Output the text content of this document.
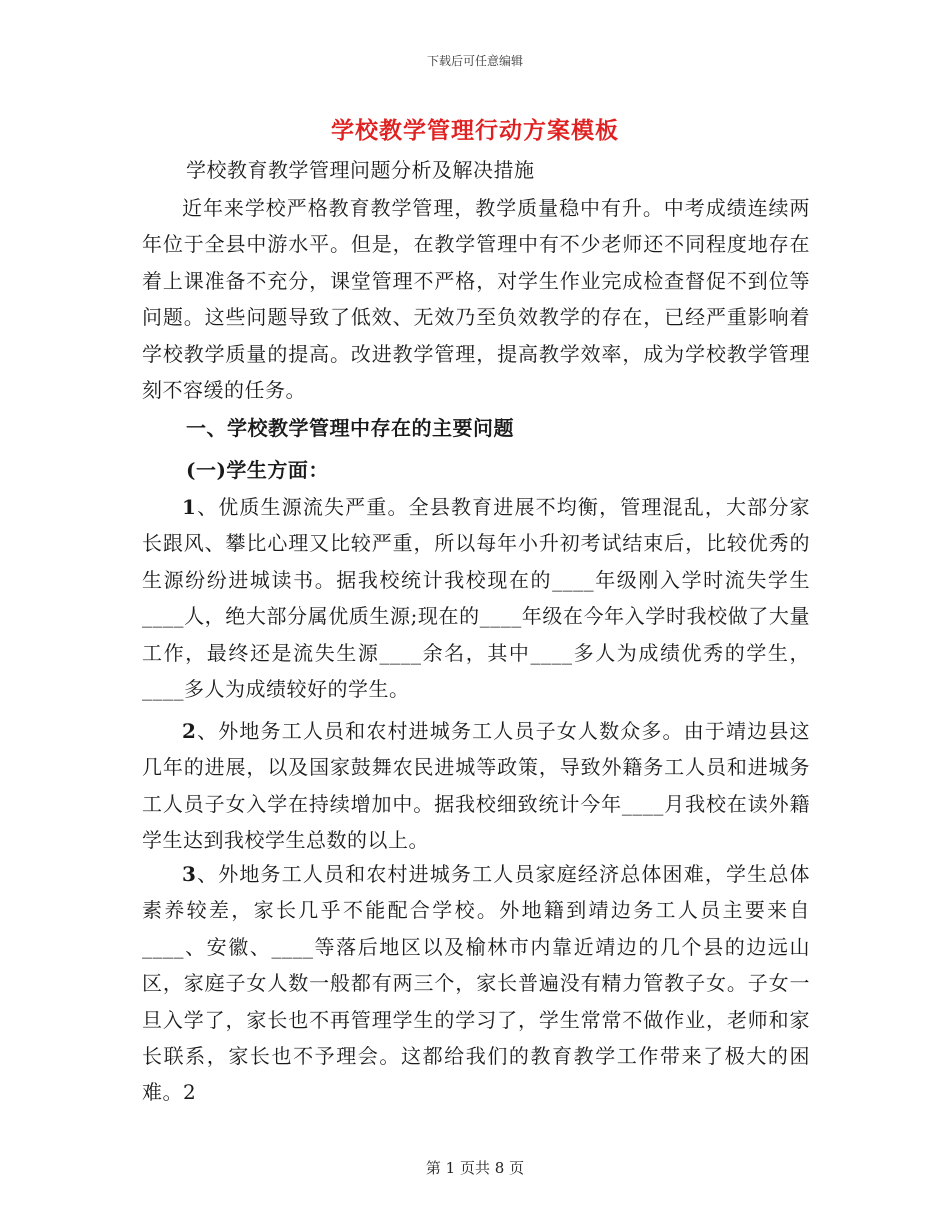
下载后可任意编辑
学校教学管理行动方案模板
学校教育教学管理问题分析及解决措施

近年来学校严格教育教学管理，教学质量稳中有升。中考成绩连续两年位于全县中游水平。但是，在教学管理中有不少老师还不同程度地存在着上课准备不充分，课堂管理不严格，对学生作业完成检查督促不到位等问题。这些问题导致了低效、无效乃至负效教学的存在，已经严重影响着学校教学质量的提高。改进教学管理，提高教学效率，成为学校教学管理刻不容缓的任务。

一、学校教学管理中存在的主要问题
(一)学生方面：

1、优质生源流失严重。全县教育进展不均衡，管理混乱，大部分家长跟风、攀比心理又比较严重，所以每年小升初考试结束后，比较优秀的生源纷纷进城读书。据我校统计我校现在的____年级刚入学时流失学生____人，绝大部分属优质生源;现在的____年级在今年入学时我校做了大量工作，最终还是流失生源____余名，其中____多人为成绩优秀的学生，____多人为成绩较好的学生。

2、外地务工人员和农村进城务工人员子女人数众多。由于靖边县这几年的进展，以及国家鼓舞农民进城等政策，导致外籍务工人员和进城务工人员子女入学在持续增加中。据我校细致统计今年____月我校在读外籍学生达到我校学生总数的以上。

3、外地务工人员和农村进城务工人员家庭经济总体困难，学生总体素养较差，家长几乎不能配合学校。外地籍到靖边务工人员主要来自____、安徽、____等落后地区以及榆林市内靠近靖边的几个县的边远山区，家庭子女人数一般都有两三个，家长普遍没有精力管教子女。子女一旦入学了，家长也不再管理学生的学习了，学生常常不做作业，老师和家长联系，家长也不予理会。这都给我们的教育教学工作带来了极大的困难。2

第 1 页共 8 页
